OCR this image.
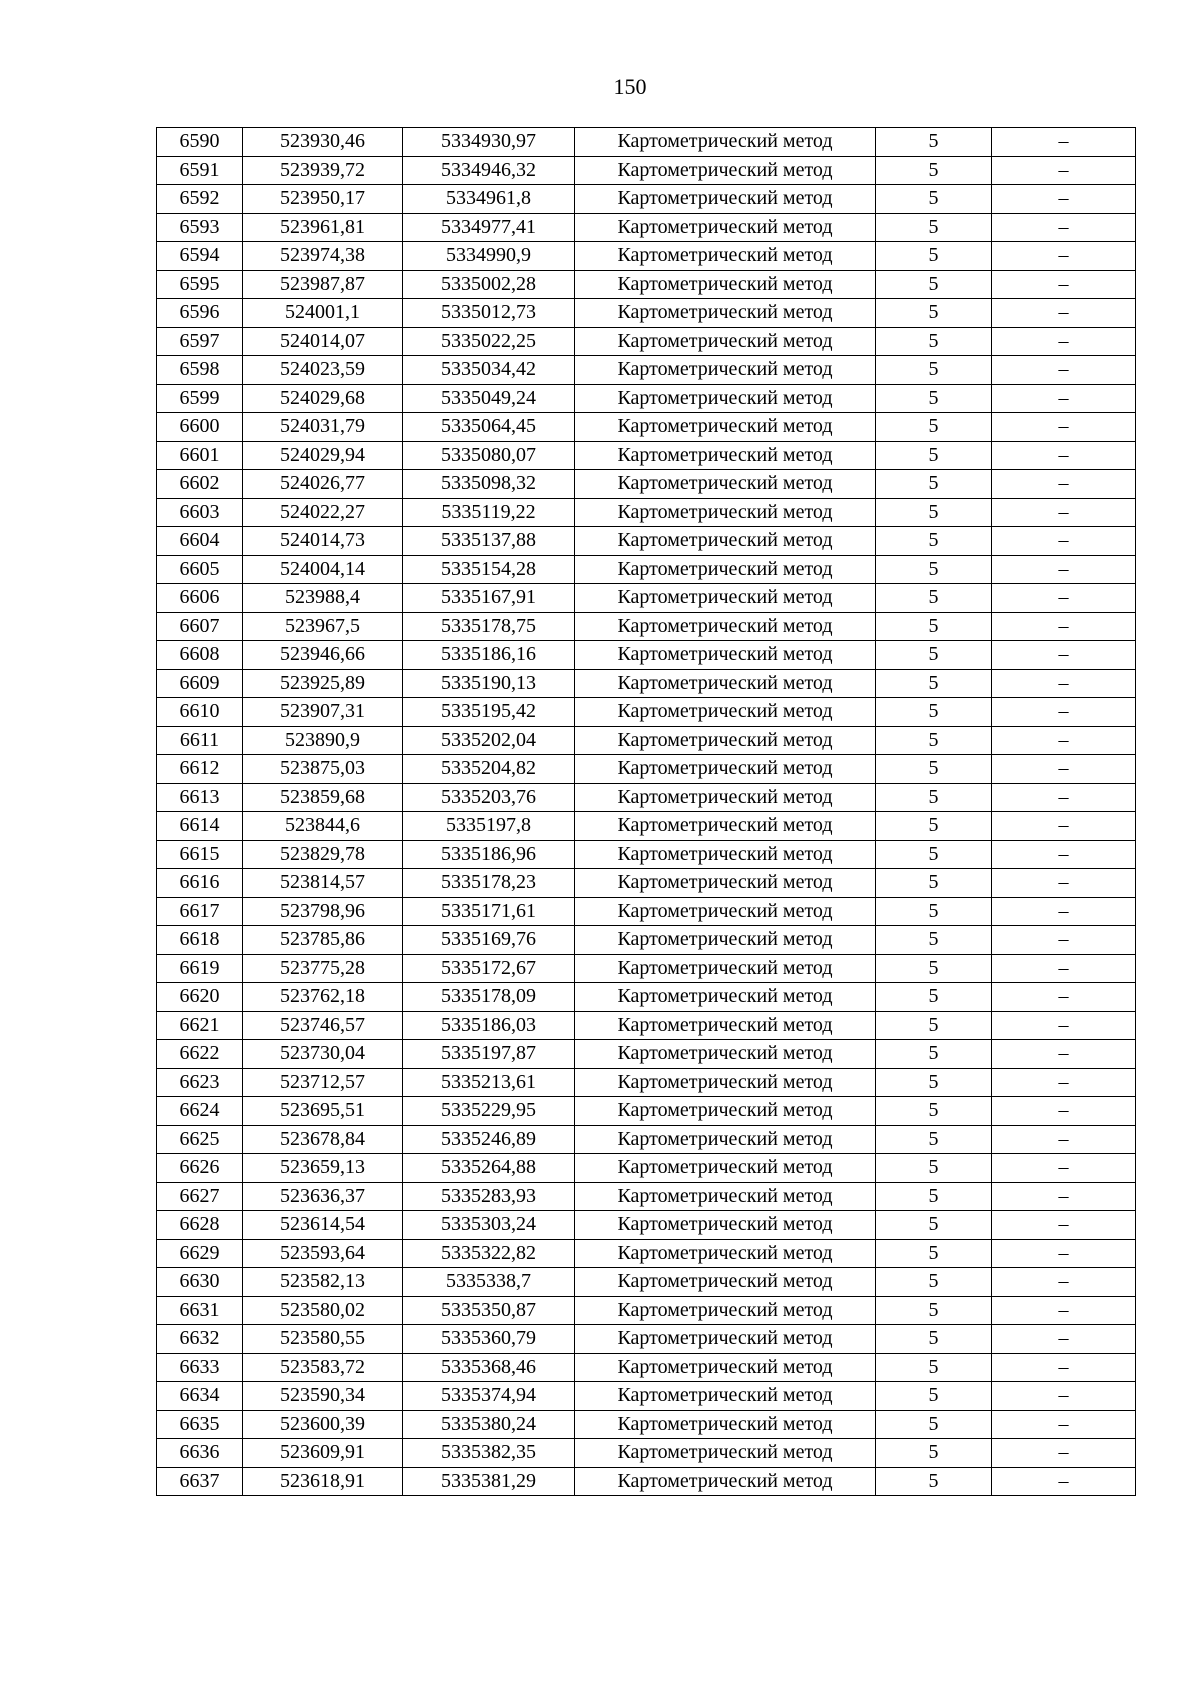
150
6590	523930,46	5334930,97	Картометрический метод	5	–
6591	523939,72	5334946,32	Картометрический метод	5	–
6592	523950,17	5334961,8	Картометрический метод	5	–
6593	523961,81	5334977,41	Картометрический метод	5	–
6594	523974,38	5334990,9	Картометрический метод	5	–
6595	523987,87	5335002,28	Картометрический метод	5	–
6596	524001,1	5335012,73	Картометрический метод	5	–
6597	524014,07	5335022,25	Картометрический метод	5	–
6598	524023,59	5335034,42	Картометрический метод	5	–
6599	524029,68	5335049,24	Картометрический метод	5	–
6600	524031,79	5335064,45	Картометрический метод	5	–
6601	524029,94	5335080,07	Картометрический метод	5	–
6602	524026,77	5335098,32	Картометрический метод	5	–
6603	524022,27	5335119,22	Картометрический метод	5	–
6604	524014,73	5335137,88	Картометрический метод	5	–
6605	524004,14	5335154,28	Картометрический метод	5	–
6606	523988,4	5335167,91	Картометрический метод	5	–
6607	523967,5	5335178,75	Картометрический метод	5	–
6608	523946,66	5335186,16	Картометрический метод	5	–
6609	523925,89	5335190,13	Картометрический метод	5	–
6610	523907,31	5335195,42	Картометрический метод	5	–
6611	523890,9	5335202,04	Картометрический метод	5	–
6612	523875,03	5335204,82	Картометрический метод	5	–
6613	523859,68	5335203,76	Картометрический метод	5	–
6614	523844,6	5335197,8	Картометрический метод	5	–
6615	523829,78	5335186,96	Картометрический метод	5	–
6616	523814,57	5335178,23	Картометрический метод	5	–
6617	523798,96	5335171,61	Картометрический метод	5	–
6618	523785,86	5335169,76	Картометрический метод	5	–
6619	523775,28	5335172,67	Картометрический метод	5	–
6620	523762,18	5335178,09	Картометрический метод	5	–
6621	523746,57	5335186,03	Картометрический метод	5	–
6622	523730,04	5335197,87	Картометрический метод	5	–
6623	523712,57	5335213,61	Картометрический метод	5	–
6624	523695,51	5335229,95	Картометрический метод	5	–
6625	523678,84	5335246,89	Картометрический метод	5	–
6626	523659,13	5335264,88	Картометрический метод	5	–
6627	523636,37	5335283,93	Картометрический метод	5	–
6628	523614,54	5335303,24	Картометрический метод	5	–
6629	523593,64	5335322,82	Картометрический метод	5	–
6630	523582,13	5335338,7	Картометрический метод	5	–
6631	523580,02	5335350,87	Картометрический метод	5	–
6632	523580,55	5335360,79	Картометрический метод	5	–
6633	523583,72	5335368,46	Картометрический метод	5	–
6634	523590,34	5335374,94	Картометрический метод	5	–
6635	523600,39	5335380,24	Картометрический метод	5	–
6636	523609,91	5335382,35	Картометрический метод	5	–
6637	523618,91	5335381,29	Картометрический метод	5	–
